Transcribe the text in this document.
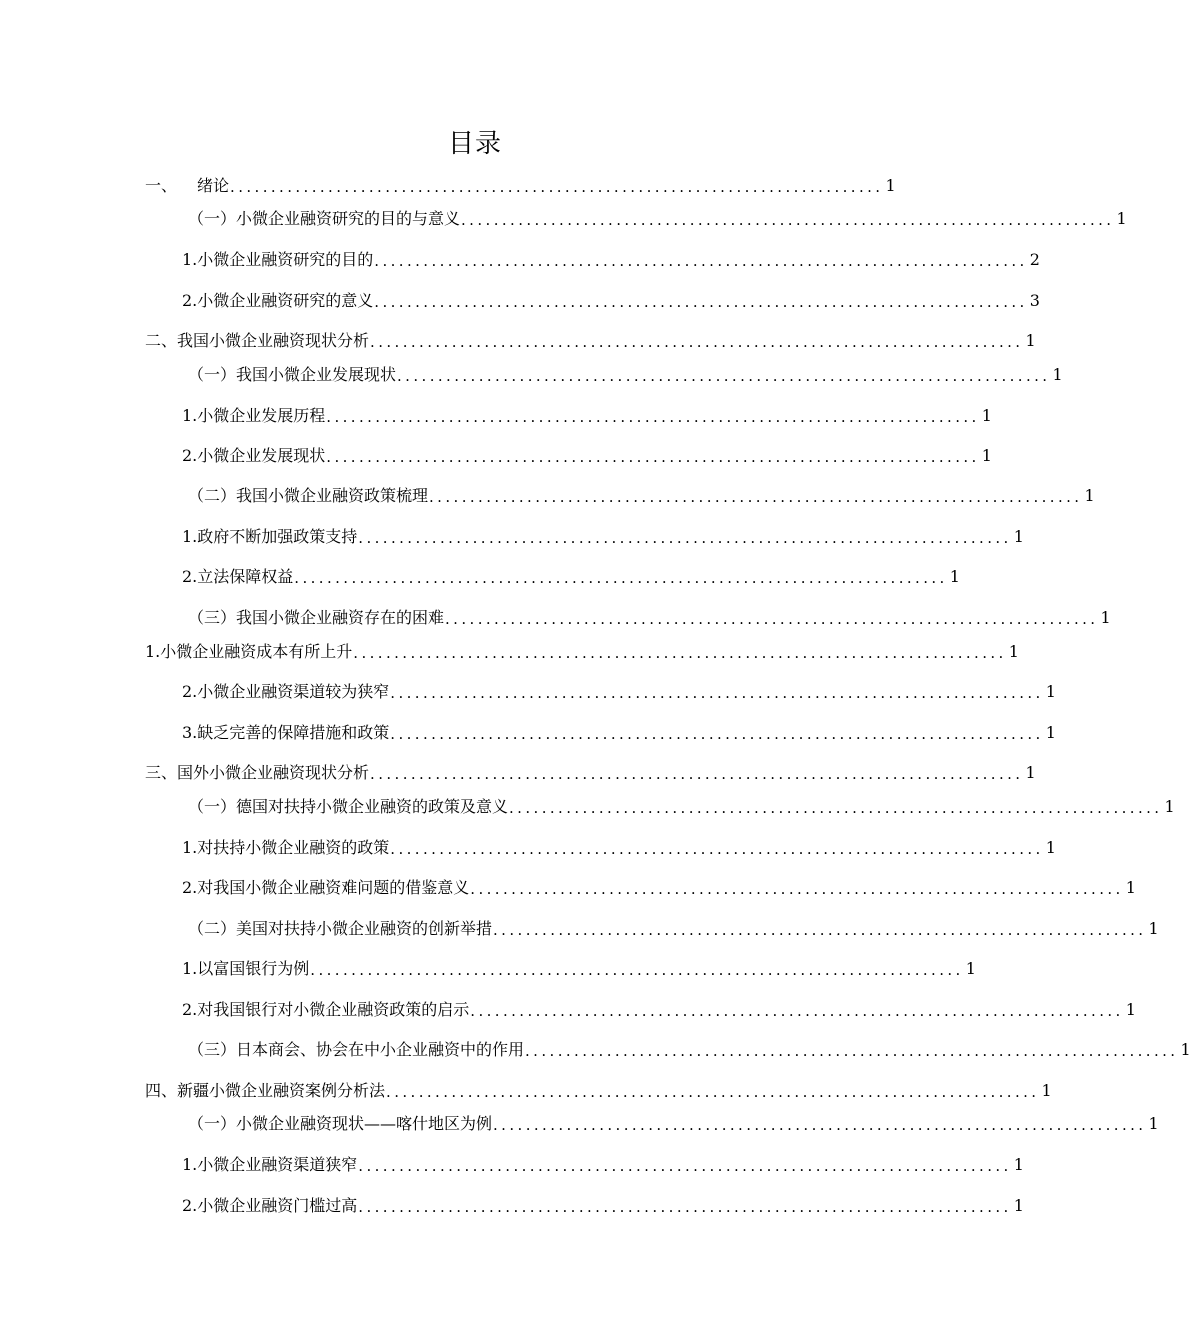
目录
一、 绪论 ................................................................................ 1
（一）小微企业融资研究的目的与意义 ................................................................................ 1
1.小微企业融资研究的目的 ................................................................................ 2
2.小微企业融资研究的意义 ................................................................................ 3
二、 我国小微企业融资现状分析 ................................................................................ 1
（一）我国小微企业发展现状 ................................................................................ 1
1.小微企业发展历程 ................................................................................ 1
2.小微企业发展现状 ................................................................................ 1
（二）我国小微企业融资政策梳理 ................................................................................ 1
1.政府不断加强政策支持 ................................................................................ 1
2.立法保障权益 ................................................................................ 1
（三）我国小微企业融资存在的困难 ................................................................................ 1
1.小微企业融资成本有所上升 ................................................................................ 1
2.小微企业融资渠道较为狭窄 ................................................................................ 1
3.缺乏完善的保障措施和政策 ................................................................................ 1
三、 国外小微企业融资现状分析 ................................................................................ 1
（一）德国对扶持小微企业融资的政策及意义 ................................................................................ 1
1.对扶持小微企业融资的政策 ................................................................................ 1
2.对我国小微企业融资难问题的借鉴意义 ................................................................................ 1
（二）美国对扶持小微企业融资的创新举措 ................................................................................ 1
1.以富国银行为例 ................................................................................ 1
2.对我国银行对小微企业融资政策的启示 ................................................................................ 1
（三）日本商会、协会在中小企业融资中的作用 ................................................................................ 1
四、 新疆小微企业融资案例分析法 ................................................................................ 1
（一）小微企业融资现状——喀什地区为例 ................................................................................ 1
1.小微企业融资渠道狭窄 ................................................................................ 1
2.小微企业融资门槛过高 ................................................................................ 1
